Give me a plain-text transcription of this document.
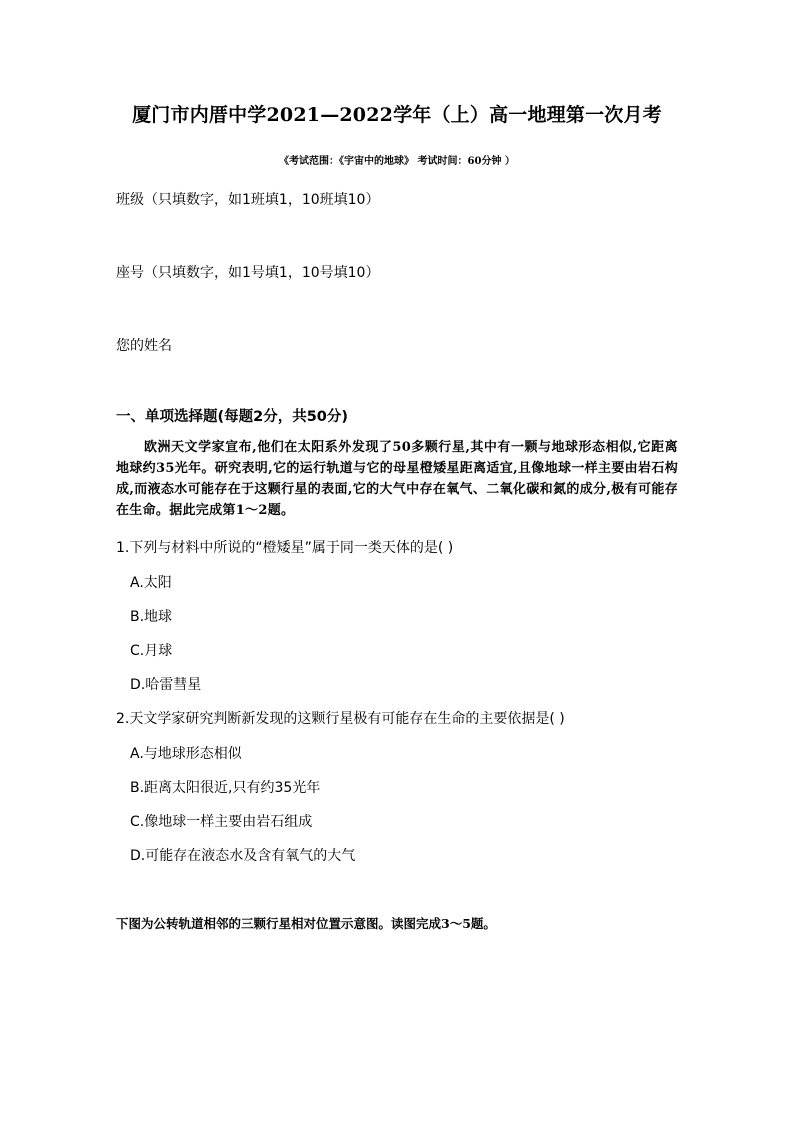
厦门市内厝中学2021—2022学年（上）高一地理第一次月考
《考试范围：《宇宙中的地球》 考试时间：60分钟 ）
班级（只填数字，如1班填1，10班填10）
座号（只填数字，如1号填1，10号填10）
您的姓名
一、单项选择题(每题2分，共50分)
欧洲天文学家宣布,他们在太阳系外发现了50多颗行星,其中有一颗与地球形态相似,它距离地球约35光年。研究表明,它的运行轨道与它的母星橙矮星距离适宜,且像地球一样主要由岩石构成,而液态水可能存在于这颗行星的表面,它的大气中存在氧气、二氧化碳和氮的成分,极有可能存在生命。据此完成第1～2题。
1.下列与材料中所说的“橙矮星”属于同一类天体的是( )
A.太阳
B.地球
C.月球
D.哈雷彗星
2.天文学家研究判断新发现的这颗行星极有可能存在生命的主要依据是( )
A.与地球形态相似
B.距离太阳很近,只有约35光年
C.像地球一样主要由岩石组成
D.可能存在液态水及含有氧气的大气
下图为公转轨道相邻的三颗行星相对位置示意图。读图完成3～5题。
